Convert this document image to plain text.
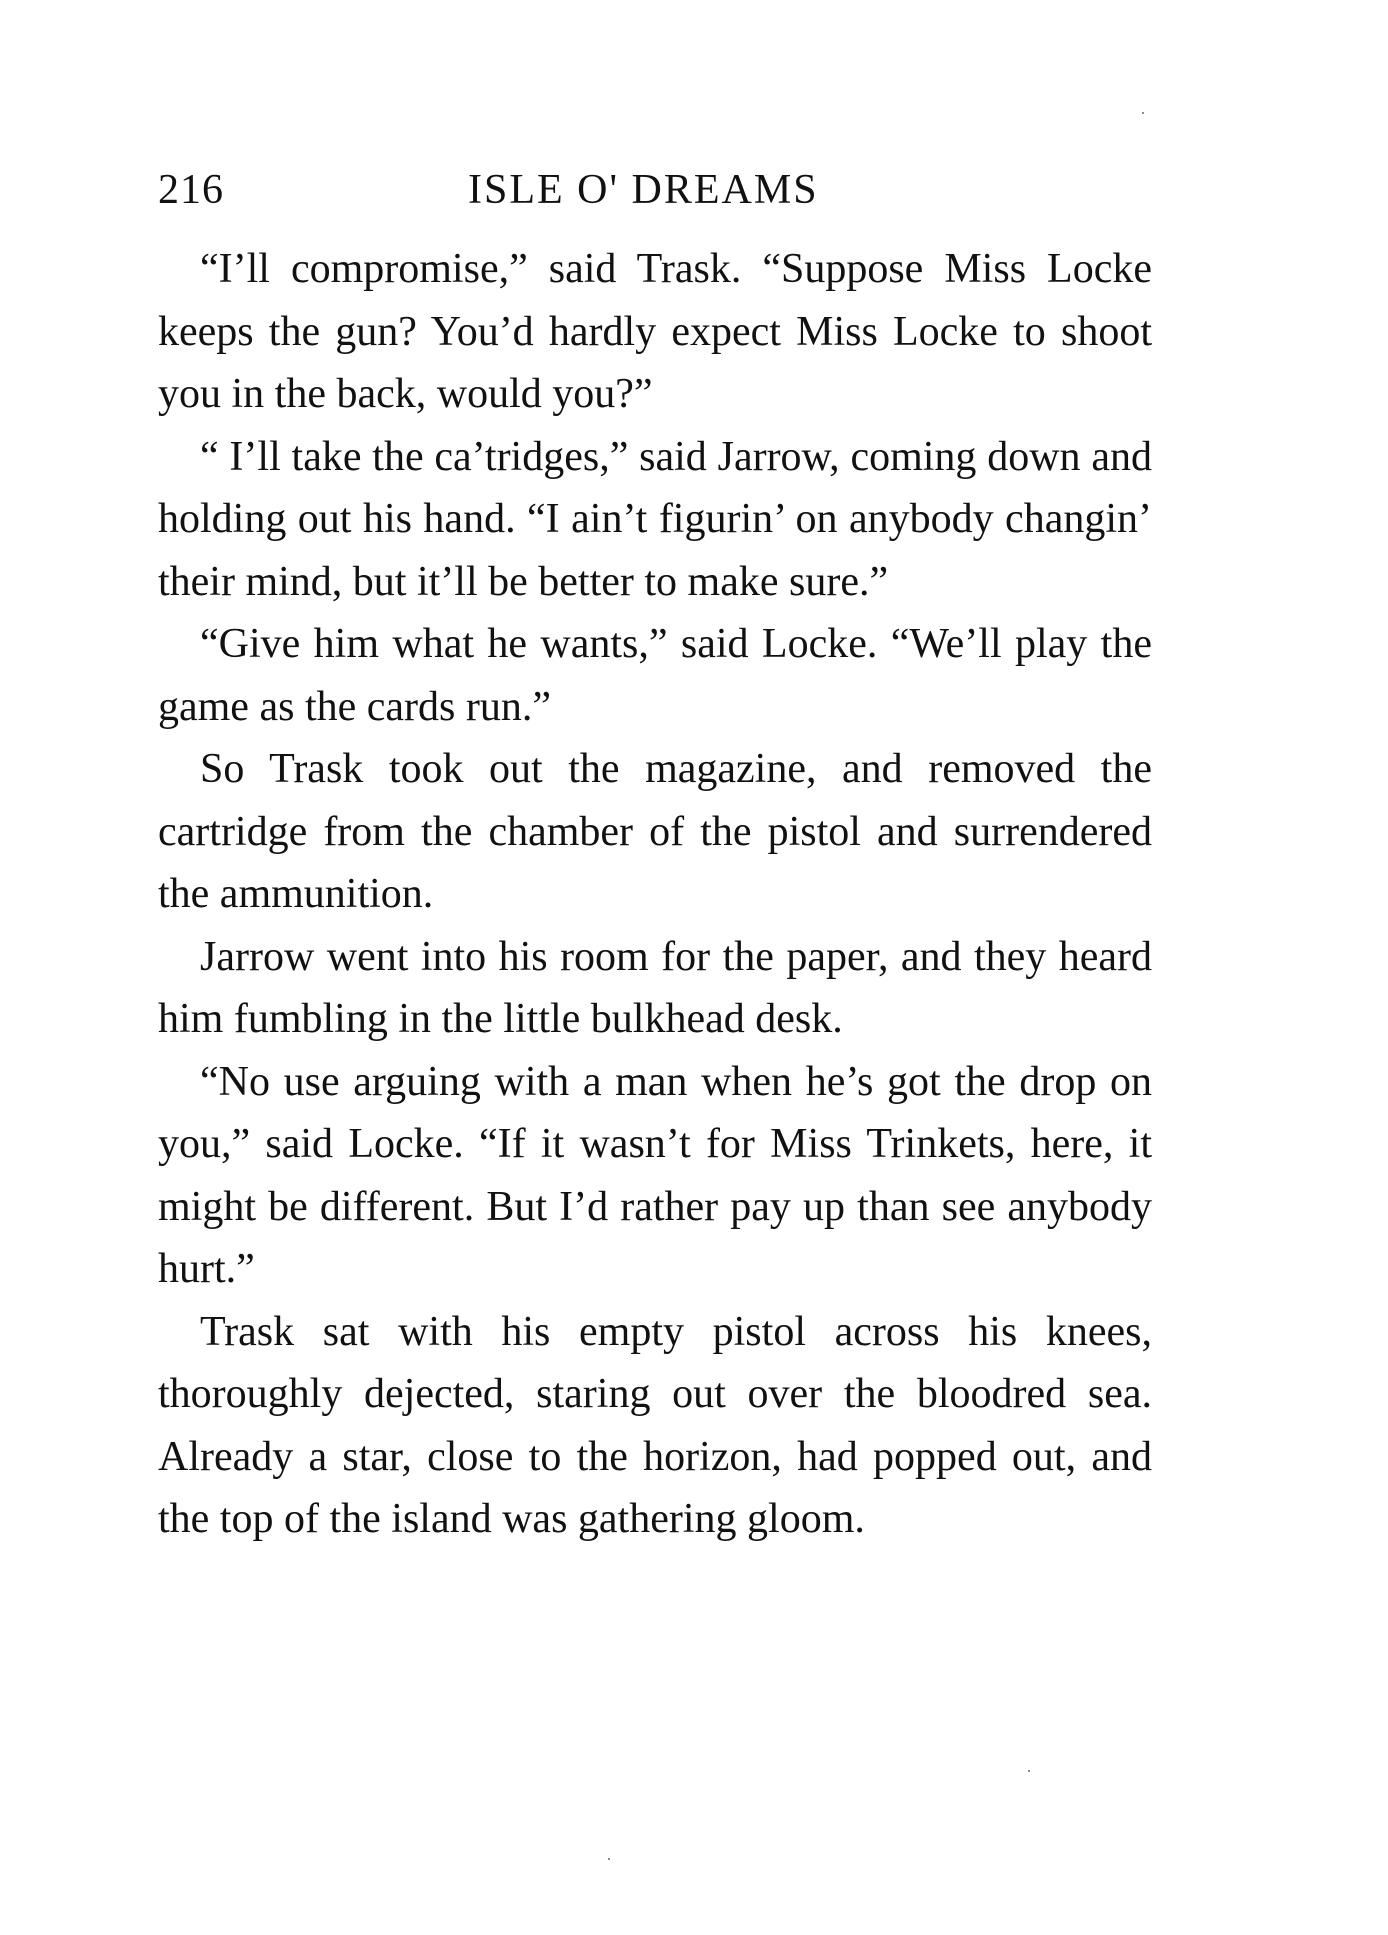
216	ISLE O' DREAMS

“I’ll compromise,” said Trask. “Suppose Miss Locke keeps the gun? You’d hardly expect Miss Locke to shoot you in the back, would you?”

“ I’ll take the ca’tridges,” said Jarrow, coming down and holding out his hand. “I ain’t figurin’ on anybody changin’ their mind, but it’ll be better to make sure.”

“Give him what he wants,” said Locke. “We’ll play the game as the cards run.”

So Trask took out the magazine, and removed the cartridge from the chamber of the pistol and surrendered the ammunition.

Jarrow went into his room for the paper, and they heard him fumbling in the little bulkhead desk.

“No use arguing with a man when he’s got the drop on you,” said Locke. “If it wasn’t for Miss Trinkets, here, it might be different. But I’d rather pay up than see anybody hurt.”

Trask sat with his empty pistol across his knees, thoroughly dejected, staring out over the bloodred sea. Already a star, close to the horizon, had popped out, and the top of the island was gathering gloom.
